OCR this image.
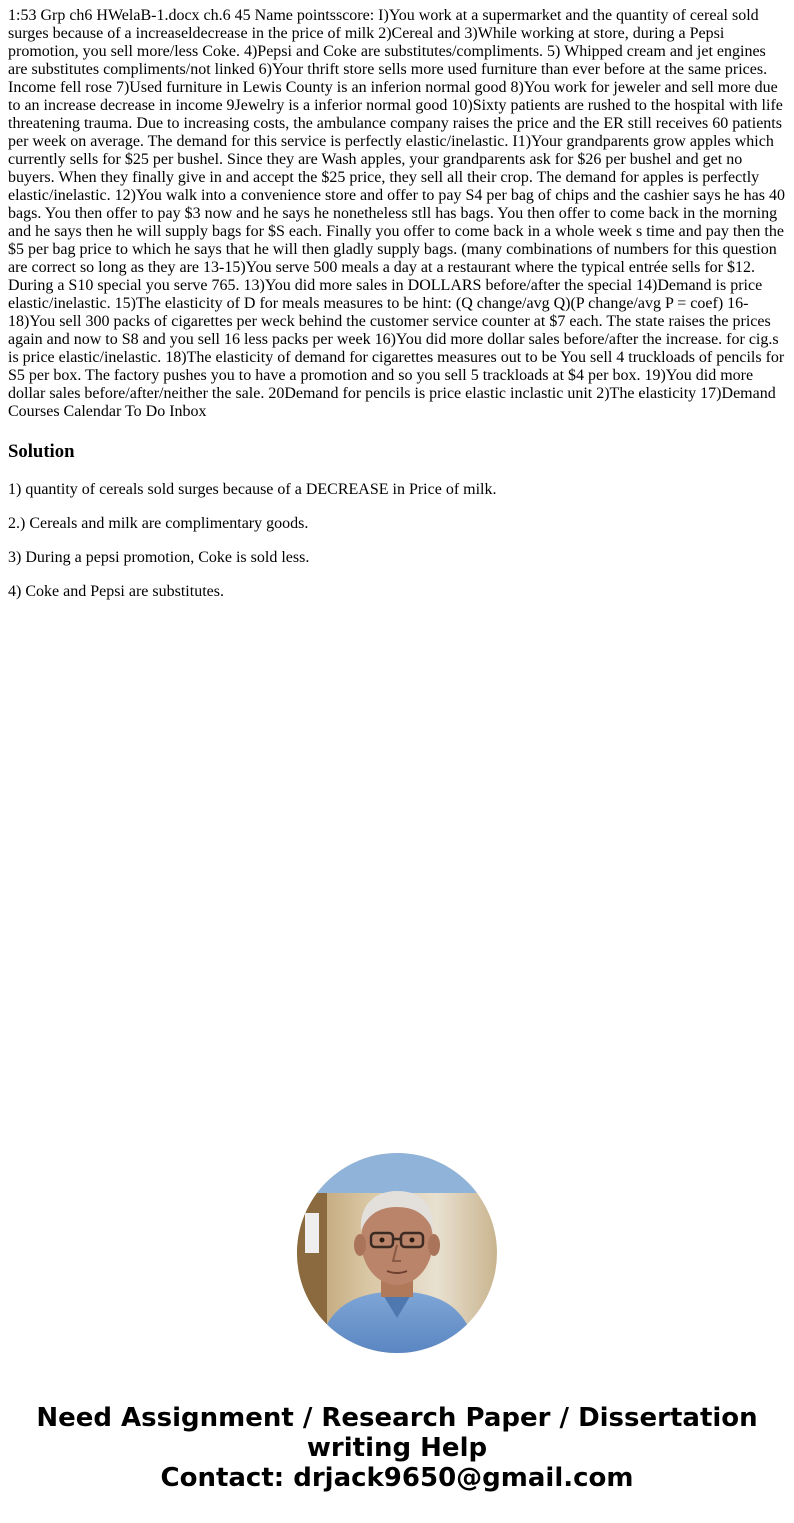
1:53 Grp ch6 HWelaB-1.docx ch.6 45 Name pointsscore: I)You work at a supermarket and the quantity of cereal sold surges because of a increaseldecrease in the price of milk 2)Cereal and 3)While working at store, during a Pepsi promotion, you sell more/less Coke. 4)Pepsi and Coke are substitutes/compliments. 5) Whipped cream and jet engines are substitutes compliments/not linked 6)Your thrift store sells more used furniture than ever before at the same prices. Income fell rose 7)Used furniture in Lewis County is an inferion normal good 8)You work for jeweler and sell more due to an increase decrease in income 9Jewelry is a inferior normal good 10)Sixty patients are rushed to the hospital with life threatening trauma. Due to increasing costs, the ambulance company raises the price and the ER still receives 60 patients per week on average. The demand for this service is perfectly elastic/inelastic. I1)Your grandparents grow apples which currently sells for $25 per bushel. Since they are Wash apples, your grandparents ask for $26 per bushel and get no buyers. When they finally give in and accept the $25 price, they sell all their crop. The demand for apples is perfectly elastic/inelastic. 12)You walk into a convenience store and offer to pay S4 per bag of chips and the cashier says he has 40 bags. You then offer to pay $3 now and he says he nonetheless stll has bags. You then offer to come back in the morning and he says then he will supply bags for $S each. Finally you offer to come back in a whole week s time and pay then the $5 per bag price to which he says that he will then gladly supply bags. (many combinations of numbers for this question are correct so long as they are 13-15)You serve 500 meals a day at a restaurant where the typical entrée sells for $12. During a S10 special you serve 765. 13)You did more sales in DOLLARS before/after the special 14)Demand is price elastic/inelastic. 15)The elasticity of D for meals measures to be hint: (Q change/avg Q)(P change/avg P = coef) 16-18)You sell 300 packs of cigarettes per weck behind the customer service counter at $7 each. The state raises the prices again and now to S8 and you sell 16 less packs per week 16)You did more dollar sales before/after the increase. for cig.s is price elastic/inelastic. 18)The elasticity of demand for cigarettes measures out to be You sell 4 truckloads of pencils for S5 per box. The factory pushes you to have a promotion and so you sell 5 trackloads at $4 per box. 19)You did more dollar sales before/after/neither the sale. 20Demand for pencils is price elastic inclastic unit 2)The elasticity 17)Demand Courses Calendar To Do Inbox

Solution

1) quantity of cereals sold surges because of a DECREASE in Price of milk.

2.) Cereals and milk are complimentary goods.

3) During a pepsi promotion, Coke is sold less.

4) Coke and Pepsi are substitutes.

Need Assignment / Research Paper / Dissertation
writing Help
Contact: drjack9650@gmail.com
